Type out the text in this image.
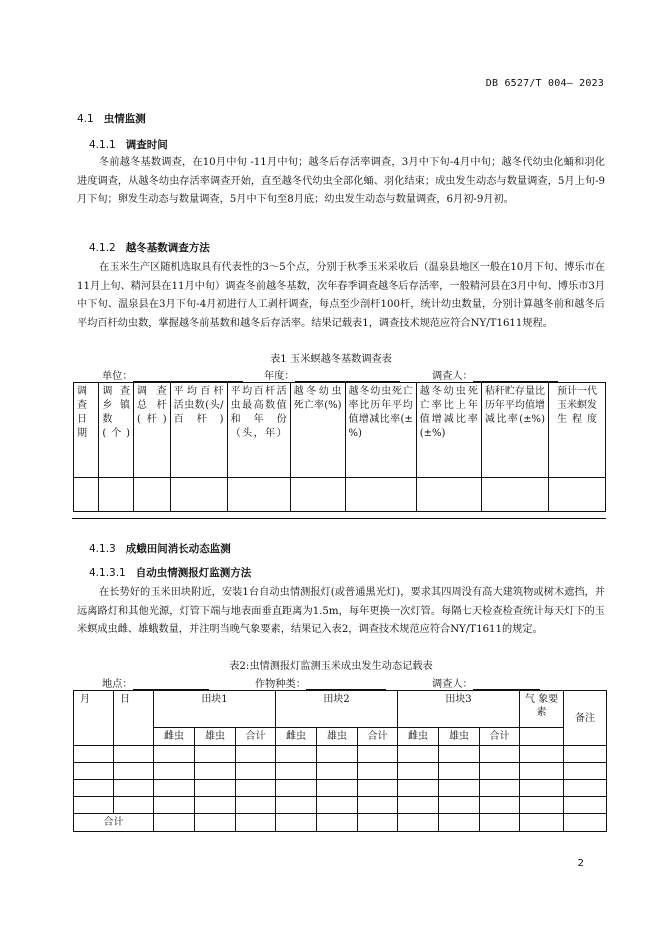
DB 6527/T 004— 2023
4.1 虫情监测
4.1.1 调查时间
冬前越冬基数调查，在10月中旬 -11月中旬；越冬后存活率调查，3月中下旬-4月中旬；越冬代幼虫化蛹和羽化进度调查，从越冬幼虫存活率调查开始，直至越冬代幼虫全部化蛹、羽化结束；成虫发生动态与数量调查，5月上旬-9月下旬；卵发生动态与数量调查，5月中下旬至8月底；幼虫发生动态与数量调查，6月初-9月初。
4.1.2 越冬基数调查方法
在玉米生产区随机选取具有代表性的3～5个点，分别于秋季玉米采收后（温泉县地区一般在10月下旬、博乐市在11月上旬、精河县在11月中旬）调查冬前越冬基数，次年春季调查越冬后存活率，一般精河县在3月中旬、博乐市3月中下旬、温泉县在3月下旬-4月初进行人工剥杆调查，每点至少剖杆100杆，统计幼虫数量，分别计算越冬前和越冬后平均百杆幼虫数，掌握越冬前基数和越冬后存活率。结果记载表1，调查技术规范应符合NY/T1611规程。
表1 玉米螟越冬基数调查表
单位：	年度：	调查人：
调查日期	调查乡镇数(个)	调查总杆(杆)	平均百杆活虫数(头/百杆)	平均百杆活虫最高数值和年份（头，年）	越冬幼虫死亡率(%)	越冬幼虫死亡率比历年平均值增减比率(±%)	越冬幼虫死亡率比上年值增减比率(±%)	秸秆贮存量比历年平均值增减比率(±%)	预计一代玉米螟发生程度

4.1.3 成蛾田间消长动态监测
4.1.3.1 自动虫情测报灯监测方法
在长势好的玉米田块附近，安装1台自动虫情测报灯(或普通黑光灯)，要求其四周没有高大建筑物或树木遮挡，并远离路灯和其他光源，灯管下端与地表面垂直距离为1.5m，每年更换一次灯管。每隔七天检查检查统计每天灯下的玉米螟成虫雌、雄蛾数量，并注明当晚气象要素，结果记入表2，调查技术规范应符合NY/T1611的规定。
表2:虫情测报灯监测玉米成虫发生动态记载表
地点：	作物种类：	调查人：
月	日	田块1			田块2			田块3			气 象要素	备注
		雌虫	雄虫	合计	雌虫	雄虫	合计	雌虫	雄虫	合计		

合计												
2
